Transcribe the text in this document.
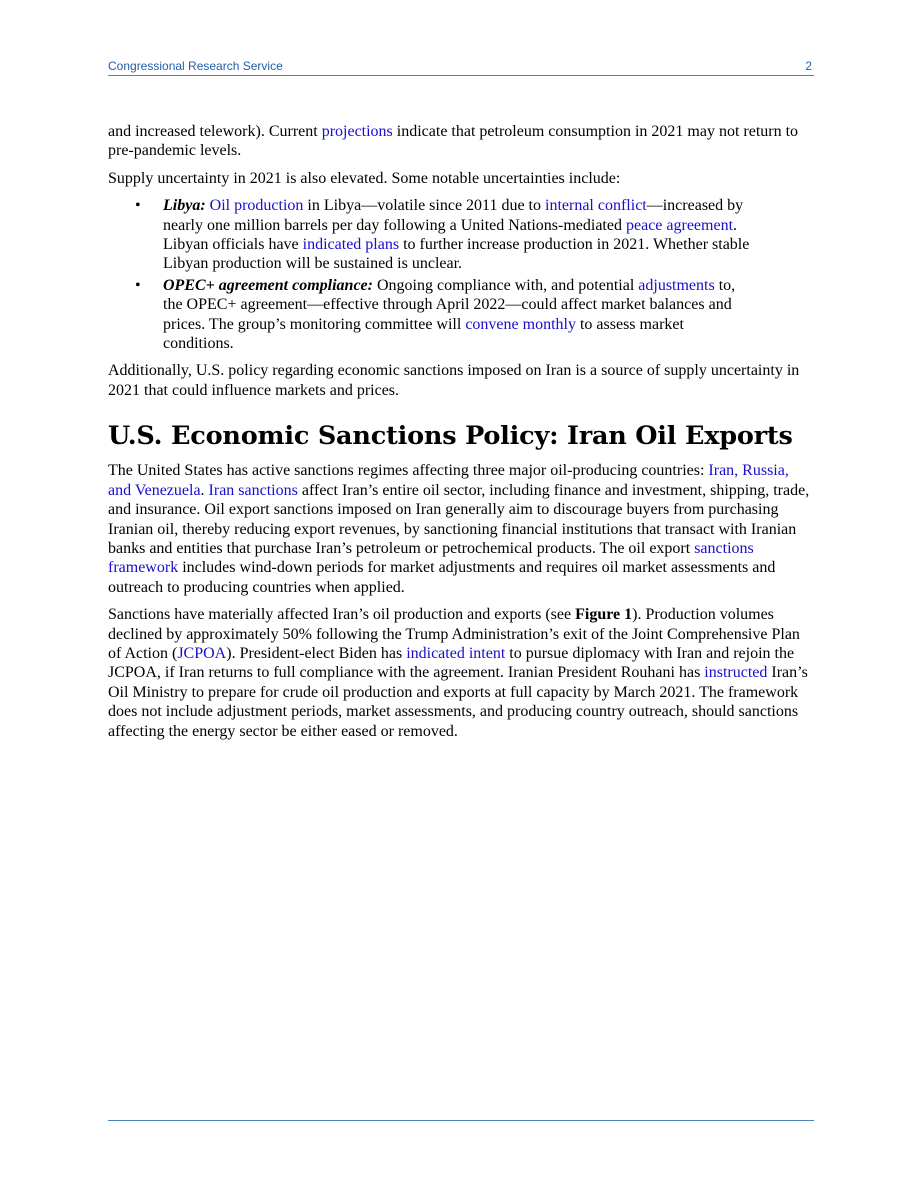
Congressional Research Service	2

and increased telework). Current projections indicate that petroleum consumption in 2021 may not return to pre-pandemic levels.

Supply uncertainty in 2021 is also elevated. Some notable uncertainties include:

• Libya: Oil production in Libya—volatile since 2011 due to internal conflict—increased by nearly one million barrels per day following a United Nations-mediated peace agreement. Libyan officials have indicated plans to further increase production in 2021. Whether stable Libyan production will be sustained is unclear.
• OPEC+ agreement compliance: Ongoing compliance with, and potential adjustments to, the OPEC+ agreement—effective through April 2022—could affect market balances and prices. The group’s monitoring committee will convene monthly to assess market conditions.

Additionally, U.S. policy regarding economic sanctions imposed on Iran is a source of supply uncertainty in 2021 that could influence markets and prices.

U.S. Economic Sanctions Policy: Iran Oil Exports

The United States has active sanctions regimes affecting three major oil-producing countries: Iran, Russia, and Venezuela. Iran sanctions affect Iran’s entire oil sector, including finance and investment, shipping, trade, and insurance. Oil export sanctions imposed on Iran generally aim to discourage buyers from purchasing Iranian oil, thereby reducing export revenues, by sanctioning financial institutions that transact with Iranian banks and entities that purchase Iran’s petroleum or petrochemical products. The oil export sanctions framework includes wind-down periods for market adjustments and requires oil market assessments and outreach to producing countries when applied.

Sanctions have materially affected Iran’s oil production and exports (see Figure 1). Production volumes declined by approximately 50% following the Trump Administration’s exit of the Joint Comprehensive Plan of Action (JCPOA). President-elect Biden has indicated intent to pursue diplomacy with Iran and rejoin the JCPOA, if Iran returns to full compliance with the agreement. Iranian President Rouhani has instructed Iran’s Oil Ministry to prepare for crude oil production and exports at full capacity by March 2021. The framework does not include adjustment periods, market assessments, and producing country outreach, should sanctions affecting the energy sector be either eased or removed.
